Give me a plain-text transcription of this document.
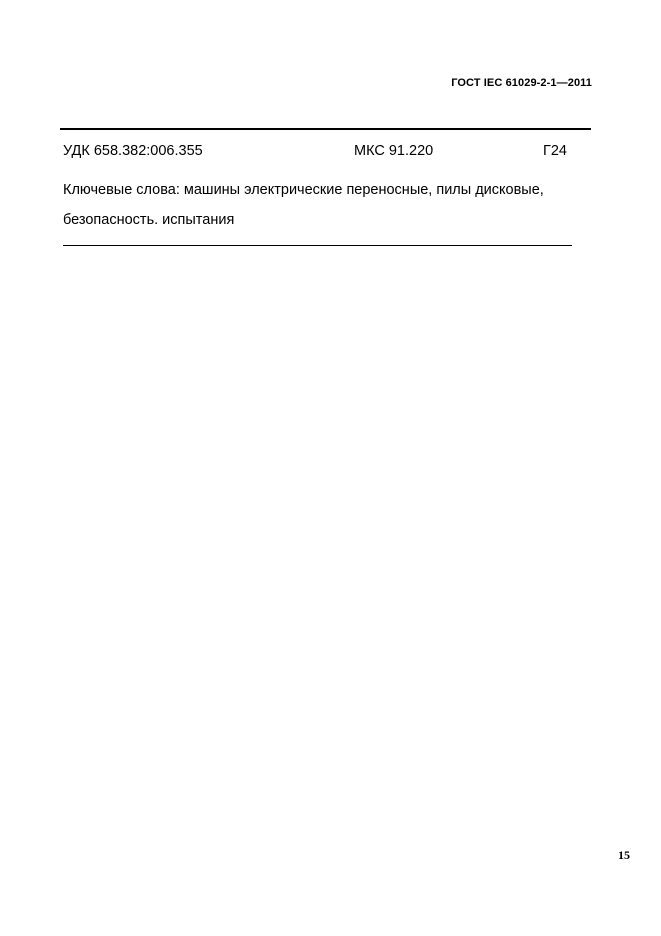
ГОСТ IEC 61029-2-1—2011
УДК 658.382:006.355	МКС 91.220	Г24
Ключевые слова: машины электрические переносные, пилы дисковые,
безопасность. испытания
15
